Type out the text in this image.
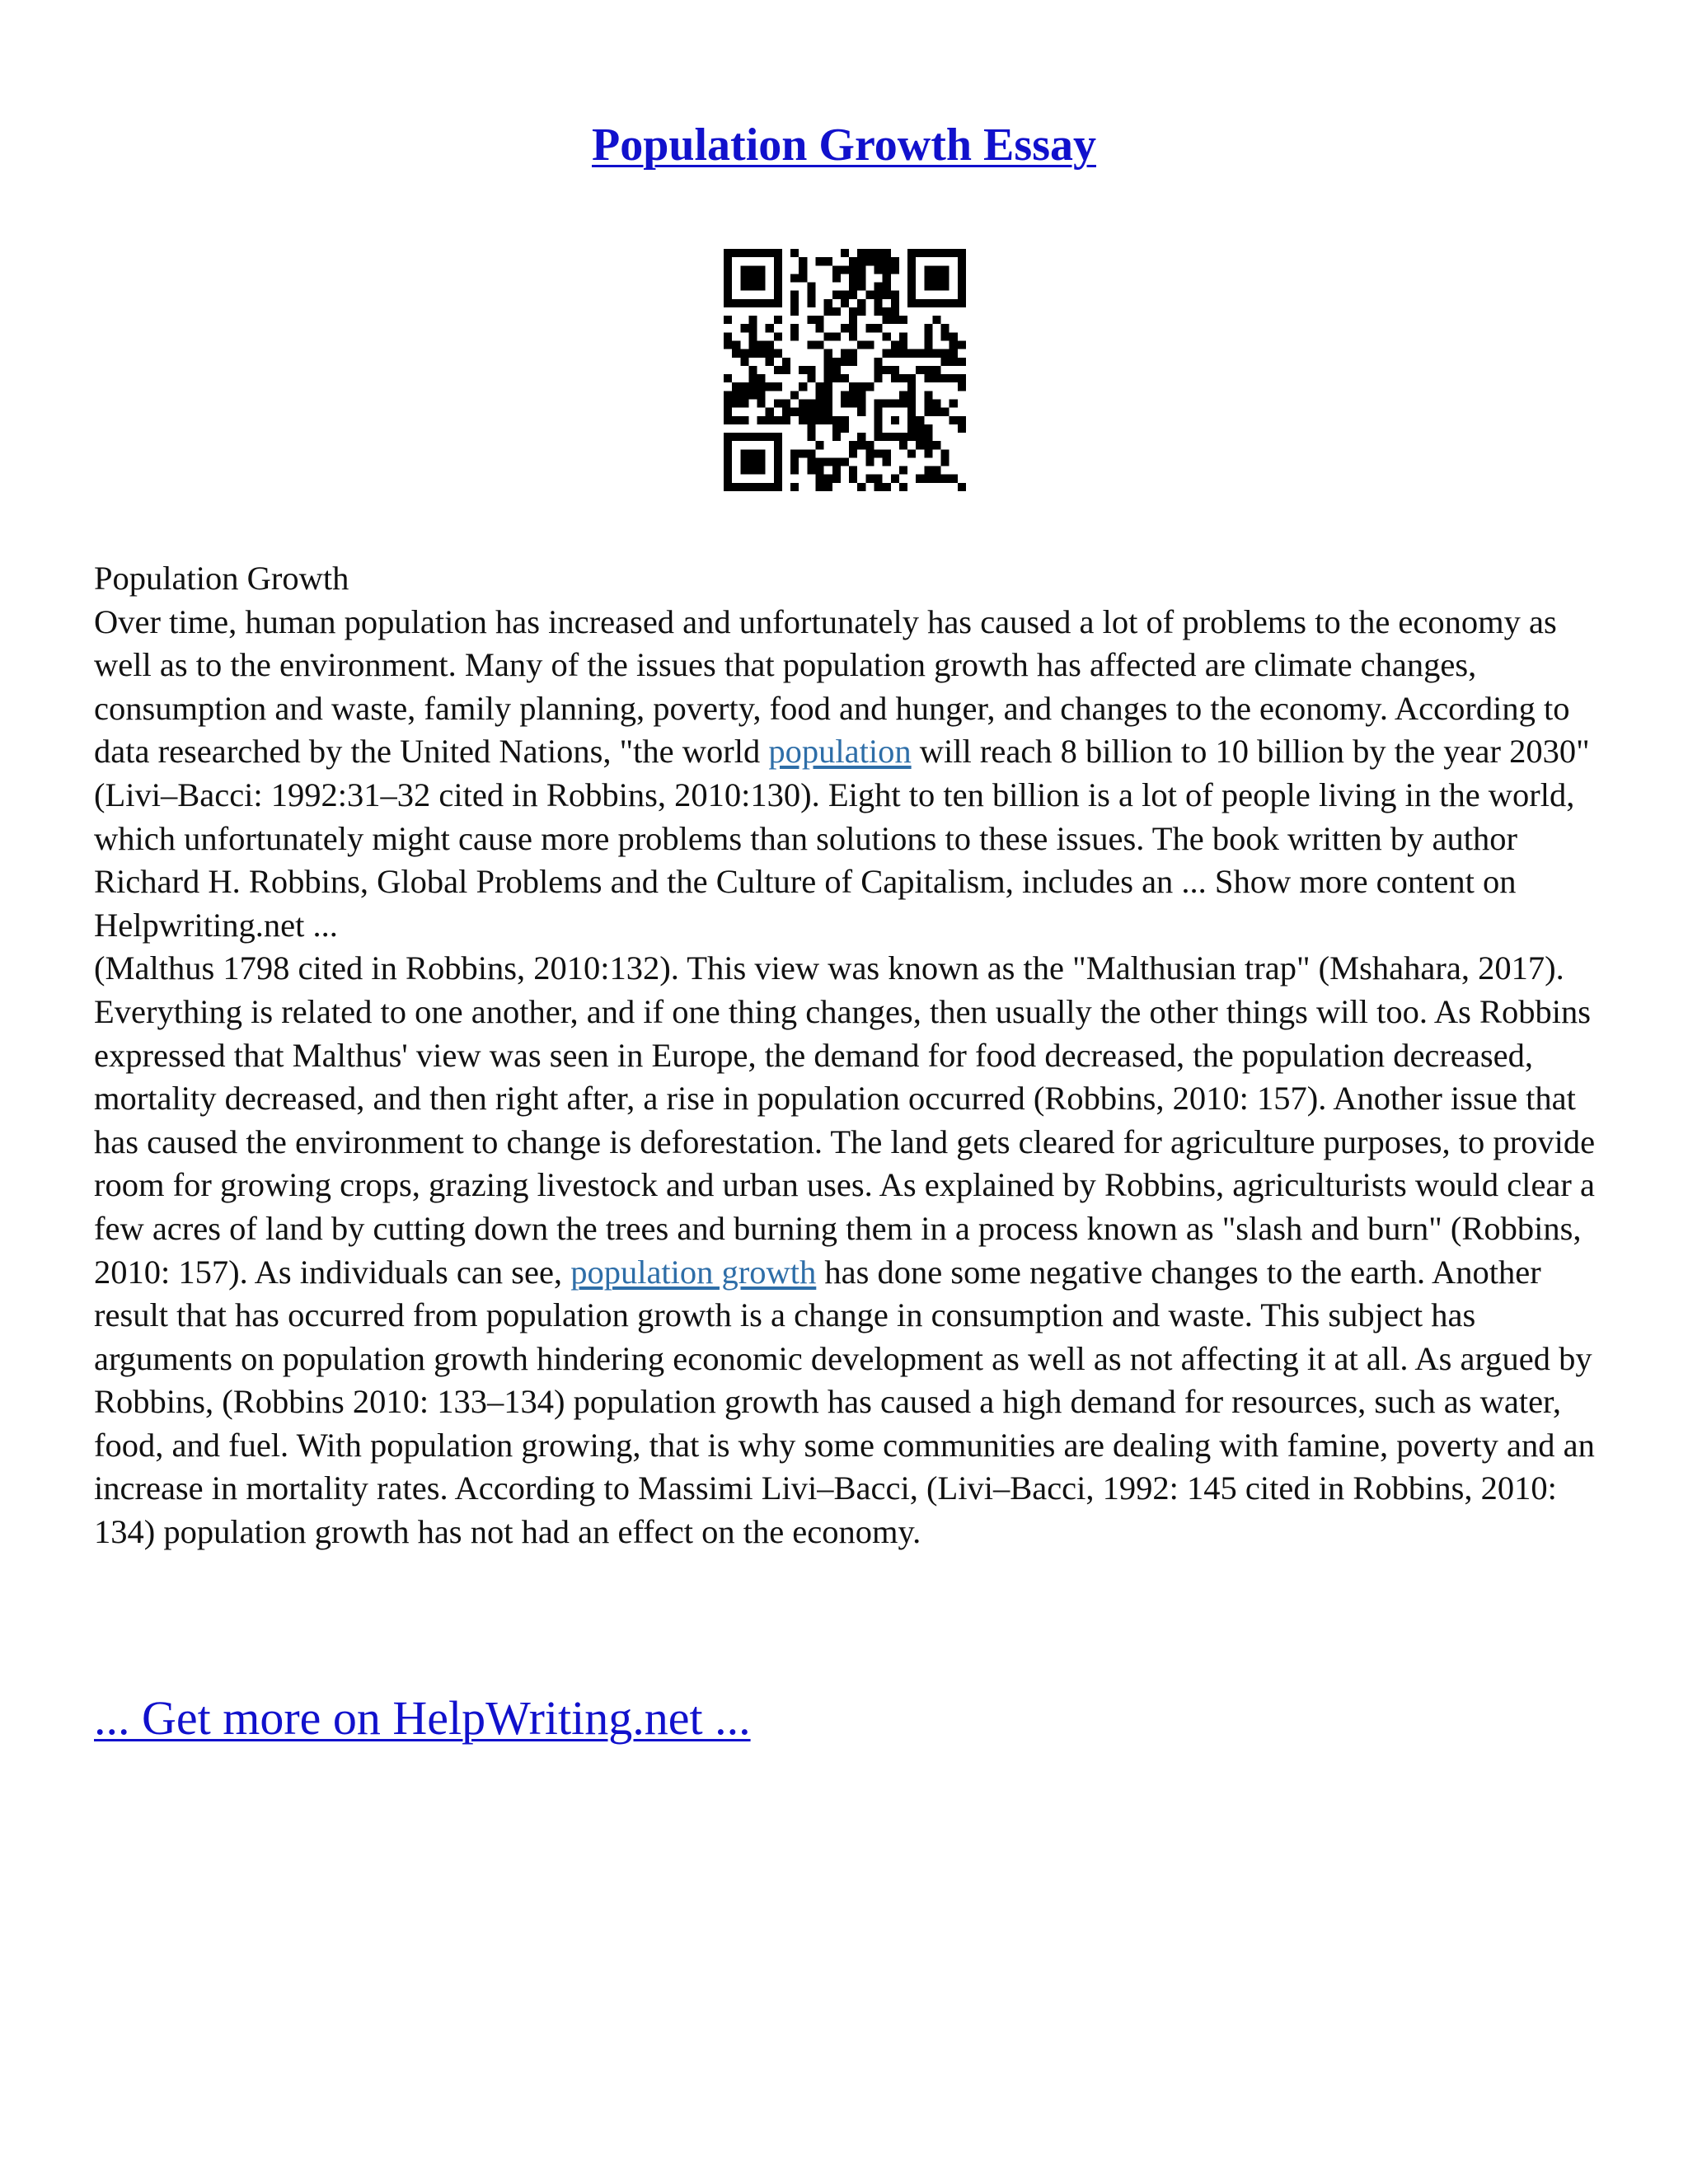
Population Growth Essay

Population Growth

Over time, human population has increased and unfortunately has caused a lot of problems to the economy as well as to the environment. Many of the issues that population growth has affected are climate changes, consumption and waste, family planning, poverty, food and hunger, and changes to the economy. According to data researched by the United Nations, "the world population will reach 8 billion to 10 billion by the year 2030" (Livi–Bacci: 1992:31–32 cited in Robbins, 2010:130). Eight to ten billion is a lot of people living in the world, which unfortunately might cause more problems than solutions to these issues. The book written by author Richard H. Robbins, Global Problems and the Culture of Capitalism, includes an ... Show more content on Helpwriting.net ...

(Malthus 1798 cited in Robbins, 2010:132). This view was known as the "Malthusian trap" (Mshahara, 2017). Everything is related to one another, and if one thing changes, then usually the other things will too. As Robbins expressed that Malthus' view was seen in Europe, the demand for food decreased, the population decreased, mortality decreased, and then right after, a rise in population occurred (Robbins, 2010: 157). Another issue that has caused the environment to change is deforestation. The land gets cleared for agriculture purposes, to provide room for growing crops, grazing livestock and urban uses. As explained by Robbins, agriculturists would clear a few acres of land by cutting down the trees and burning them in a process known as "slash and burn" (Robbins, 2010: 157). As individuals can see, population growth has done some negative changes to the earth. Another result that has occurred from population growth is a change in consumption and waste. This subject has arguments on population growth hindering economic development as well as not affecting it at all. As argued by Robbins, (Robbins 2010: 133–134) population growth has caused a high demand for resources, such as water, food, and fuel. With population growing, that is why some communities are dealing with famine, poverty and an increase in mortality rates. According to Massimi Livi–Bacci, (Livi–Bacci, 1992: 145 cited in Robbins, 2010: 134) population growth has not had an effect on the economy.

... Get more on HelpWriting.net ...
